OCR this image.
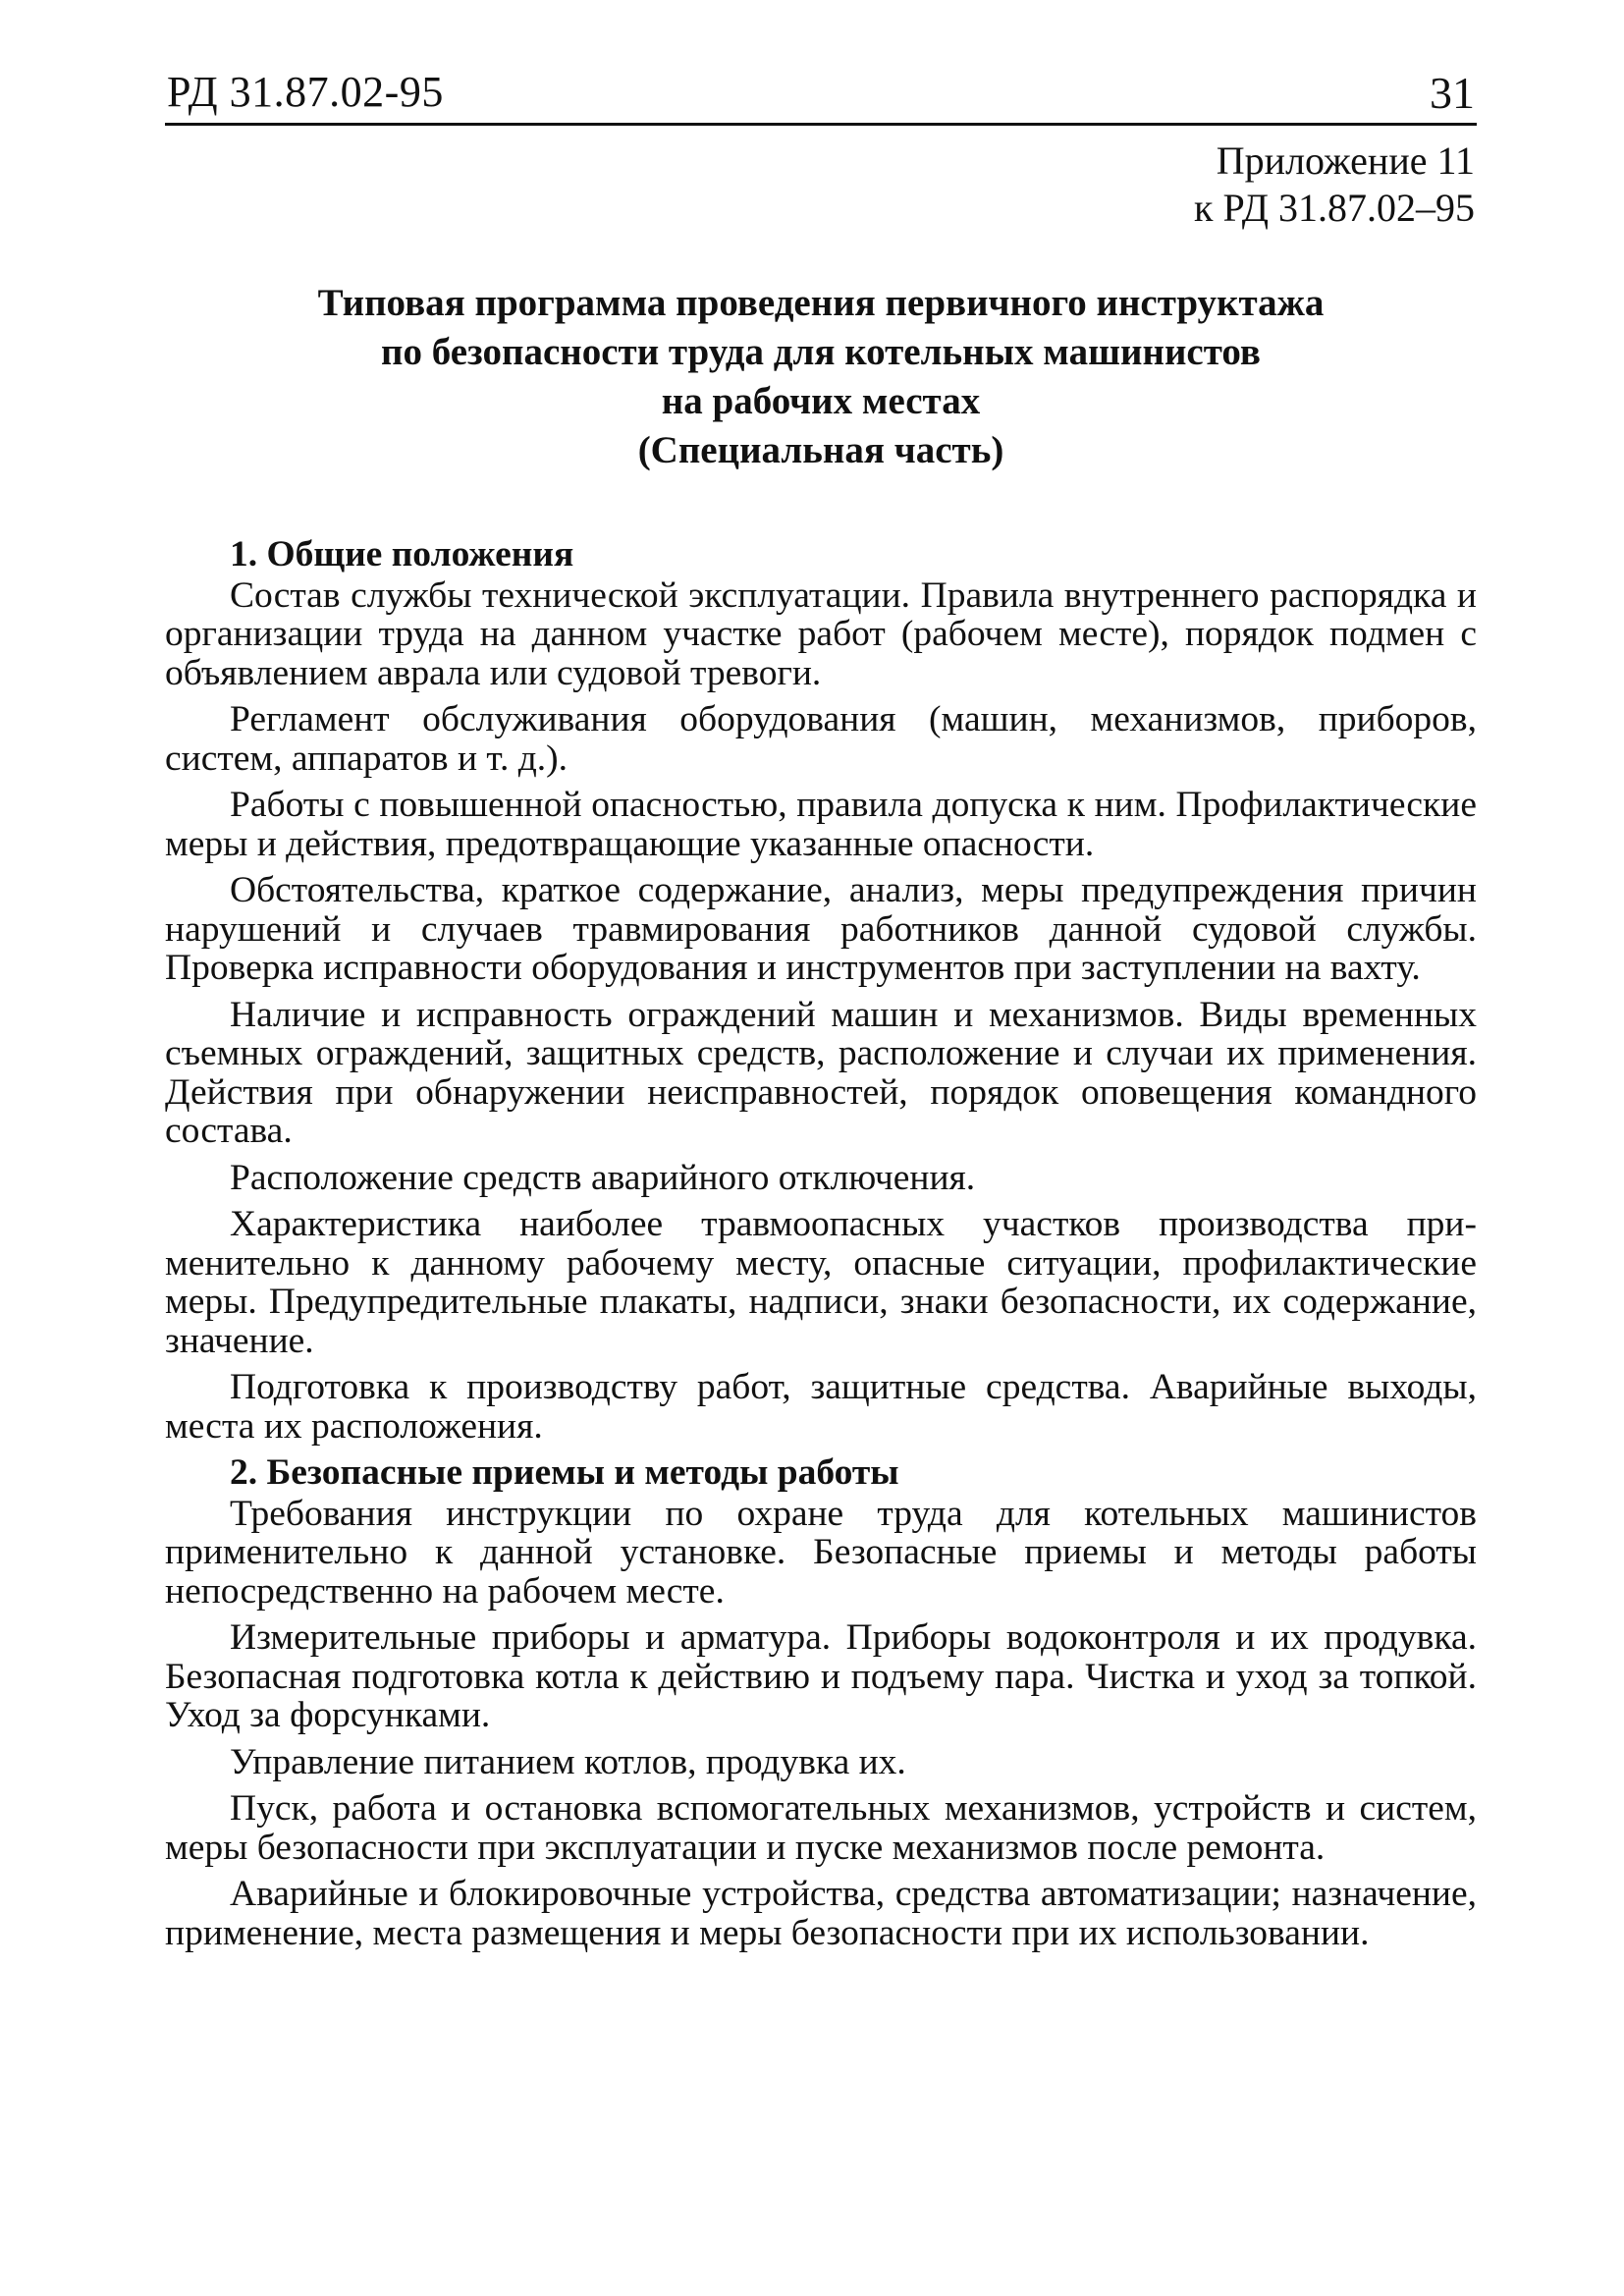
РД 31.87.02-95	31
Приложение 11
к РД 31.87.02–95
Типовая программа проведения первичного инструктажа
по безопасности труда для котельных машинистов
на рабочих местах
(Специальная часть)
1. Общие положения

Состав службы технической эксплуатации. Правила внутреннего распорядка и организации труда на данном участке работ (рабочем месте), порядок подмен с объявлением аврала или судовой тревоги.

Регламент обслуживания оборудования (машин, механизмов, приборов, систем, аппаратов и т. д.).

Работы с повышенной опасностью, правила допуска к ним. Профилактические меры и действия, предотвращающие указанные опасности.

Обстоятельства, краткое содержание, анализ, меры предупреждения причин нарушений и случаев травмирования работников данной судовой службы. Проверка исправности оборудования и инструментов при заступлении на вахту.

Наличие и исправность ограждений машин и механизмов. Виды временных съемных ограждений, защитных средств, расположение и случаи их применения. Действия при обнаружении неисправностей, порядок оповещения командного состава.

Расположение средств аварийного отключения.

Характеристика наиболее травмоопасных участков производства применительно к данному рабочему месту, опасные ситуации, профилактические меры. Предупредительные плакаты, надписи, знаки безопасности, их содержание, значение.

Подготовка к производству работ, защитные средства. Аварийные выходы, места их расположения.

2. Безопасные приемы и методы работы

Требования инструкции по охране труда для котельных машинистов применительно к данной установке. Безопасные приемы и методы работы непосредственно на рабочем месте.

Измерительные приборы и арматура. Приборы водоконтроля и их продувка. Безопасная подготовка котла к действию и подъему пара. Чистка и уход за топкой. Уход за форсунками.

Управление питанием котлов, продувка их.

Пуск, работа и остановка вспомогательных механизмов, устройств и систем, меры безопасности при эксплуатации и пуске механизмов после ремонта.

Аварийные и блокировочные устройства, средства автоматизации; назначение, применение, места размещения и меры безопасности при их использовании.
